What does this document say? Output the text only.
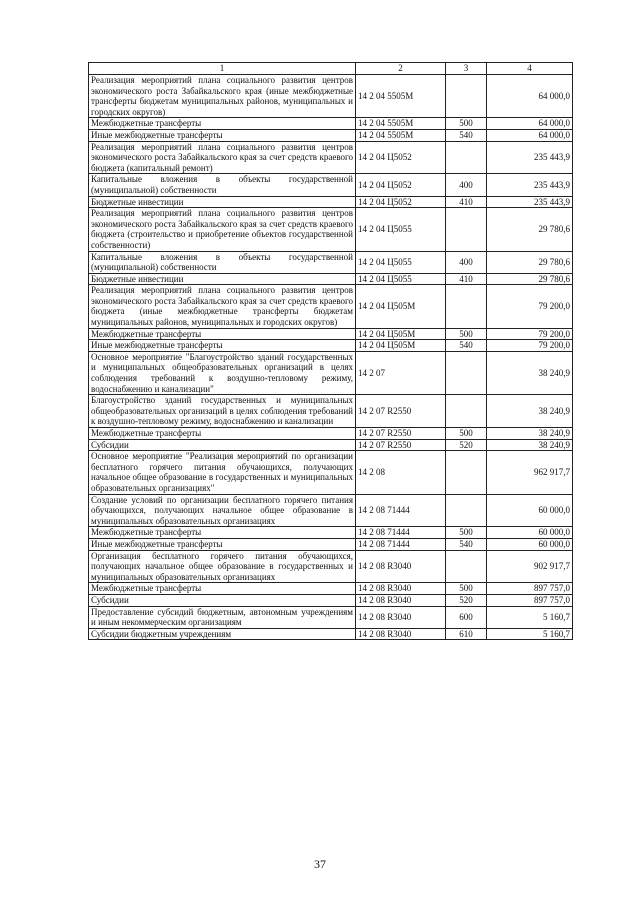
1	2	3	4
Реализация мероприятий плана социального развития центров экономического роста Забайкальского края (иные межбюджетные трансферты бюджетам муниципальных районов, муниципальных и городских округов)	14 2 04 5505M		64 000,0
Межбюджетные трансферты	14 2 04 5505M	500	64 000,0
Иные межбюджетные трансферты	14 2 04 5505M	540	64 000,0
Реализация мероприятий плана социального развития центров экономического роста Забайкальского края за счет средств краевого бюджета (капитальный ремонт)	14 2 04 Ц5052		235 443,9
Капитальные вложения в объекты государственной (муниципальной) собственности	14 2 04 Ц5052	400	235 443,9
Бюджетные инвестиции	14 2 04 Ц5052	410	235 443,9
Реализация мероприятий плана социального развития центров экономического роста Забайкальского края за счет средств краевого бюджета (строительство и приобретение объектов государственной собственности)	14 2 04 Ц5055		29 780,6
Капитальные вложения в объекты государственной (муниципальной) собственности	14 2 04 Ц5055	400	29 780,6
Бюджетные инвестиции	14 2 04 Ц5055	410	29 780,6
Реализация мероприятий плана социального развития центров экономического роста Забайкальского края за счет средств краевого бюджета (иные межбюджетные трансферты бюджетам муниципальных районов, муниципальных и городских округов)	14 2 04 Ц505M		79 200,0
Межбюджетные трансферты	14 2 04 Ц505M	500	79 200,0
Иные межбюджетные трансферты	14 2 04 Ц505M	540	79 200,0
Основное мероприятие "Благоустройство зданий государственных и муниципальных общеобразовательных организаций в целях соблюдения требований к воздушно-тепловому режиму, водоснабжению и канализации"	14 2 07		38 240,9
Благоустройство зданий государственных и муниципальных общеобразовательных организаций в целях соблюдения требований к воздушно-тепловому режиму, водоснабжению и канализации	14 2 07 R2550		38 240,9
Межбюджетные трансферты	14 2 07 R2550	500	38 240,9
Субсидии	14 2 07 R2550	520	38 240,9
Основное мероприятие "Реализация мероприятий по организации бесплатного горячего питания обучающихся, получающих начальное общее образование в государственных и муниципальных образовательных организациях"	14 2 08		962 917,7
Создание условий по организации бесплатного горячего питания обучающихся, получающих начальное общее образование в муниципальных образовательных организациях	14 2 08 71444		60 000,0
Межбюджетные трансферты	14 2 08 71444	500	60 000,0
Иные межбюджетные трансферты	14 2 08 71444	540	60 000,0
Организация бесплатного горячего питания обучающихся, получающих начальное общее образование в государственных и муниципальных образовательных организациях	14 2 08 R3040		902 917,7
Межбюджетные трансферты	14 2 08 R3040	500	897 757,0
Субсидии	14 2 08 R3040	520	897 757,0
Предоставление субсидий бюджетным, автономным учреждениям и иным некоммерческим организациям	14 2 08 R3040	600	5 160,7
Субсидии бюджетным учреждениям	14 2 08 R3040	610	5 160,7
37
